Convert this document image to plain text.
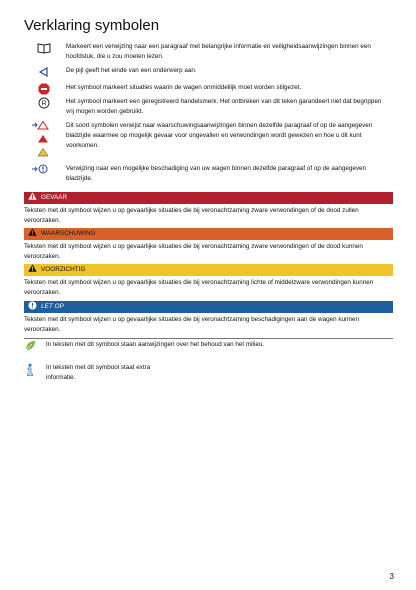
Verklaring symbolen
Markeert een verwijzing naar een paragraaf met belangrijke informatie en veiligheidsaanwijzingen binnen een hoofdstuk, die u zou moeten lezen.
De pijl geeft het einde van een onderwerp aan.
Het symbool markeert situaties waarin de wagen onmiddellijk moet worden stilgezet.
R	Het symbool markeert een geregistreerd handelsmerk. Het ontbreken van dit teken garandeert niet dat begrippen vrij mogen worden gebruikt.
Dit soort symbolen verwijst naar waarschuwingsaanwijzingen binnen dezelfde paragraaf of op de aangegeven bladzijde waarmee op mogelijk gevaar voor ongevallen en verwondingen wordt gewezen en hoe u dit kunt voorkomen.
Verwijzing naar een mogelijke beschadiging van uw wagen binnen dezelfde paragraaf of op de aangegeven bladzijde.
GEVAAR
Teksten met dit symbool wijzen u op gevaarlijke situaties die bij veronachtzaming zware verwondingen of de dood zullen veroorzaken.
WAARSCHUWING
Teksten met dit symbool wijzen u op gevaarlijke situaties die bij veronachtzaming zware verwondingen of de dood kunnen veroorzaken.
VOORZICHTIG
Teksten met dit symbool wijzen u op gevaarlijke situaties die bij veronachtzaming lichte of middelzware verwondingen kunnen veroorzaken.
LET OP
Teksten met dit symbool wijzen u op gevaarlijke situaties die bij veronachtzaming beschadigingen aan de wagen kunnen veroorzaken.
In teksten met dit symbool staan aanwijzingen over het behoud van het milieu.
In teksten met dit symbool staat extra informatie.
3
